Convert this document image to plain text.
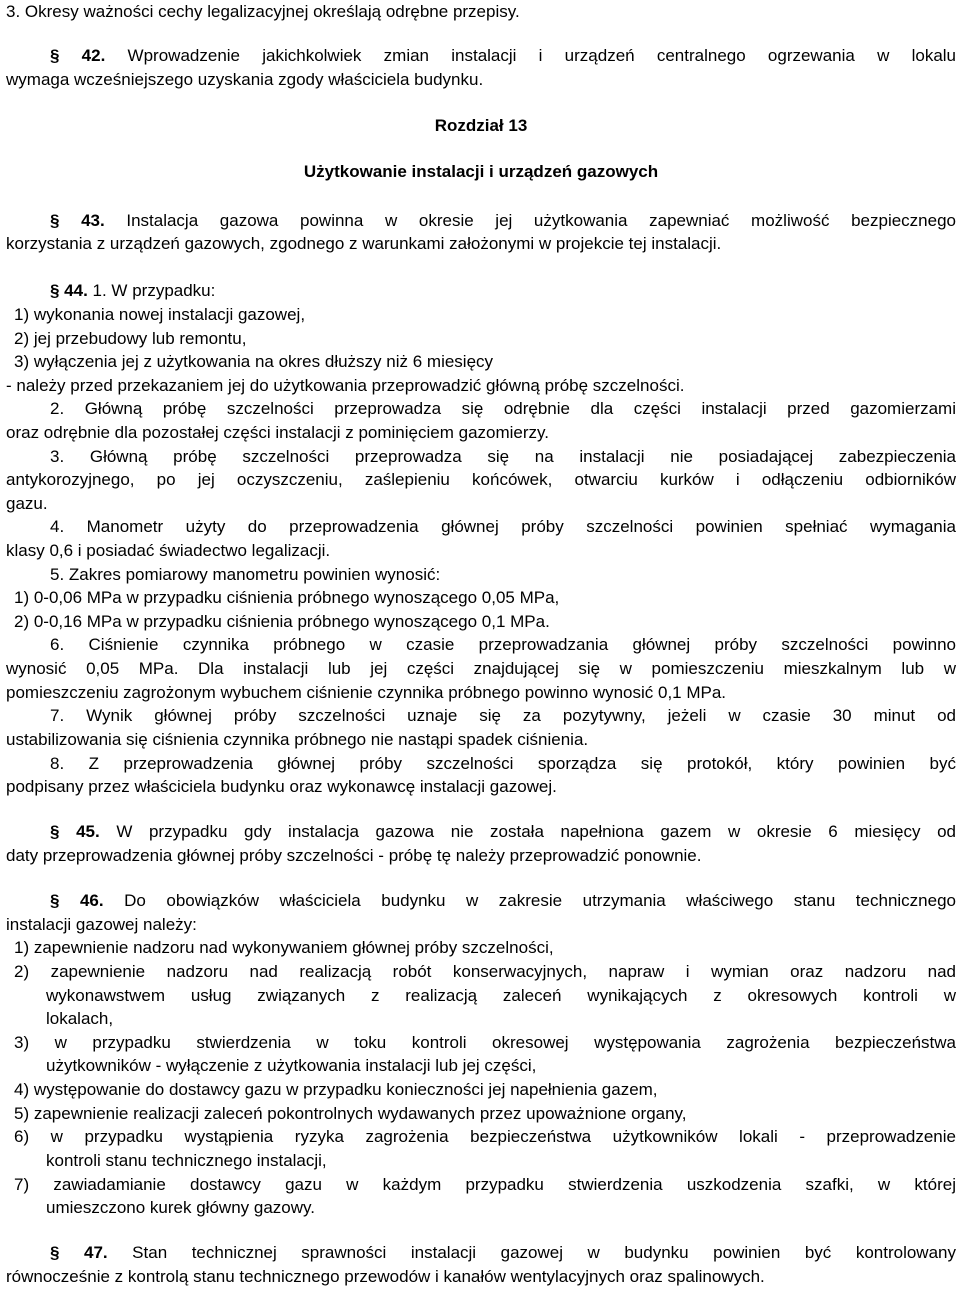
3. Okresy ważności cechy legalizacyjnej określają odrębne przepisy.
§ 42. Wprowadzenie jakichkolwiek zmian instalacji i urządzeń centralnego ogrzewania w lokalu
wymaga wcześniejszego uzyskania zgody właściciela budynku.
Rozdział 13
Użytkowanie instalacji i urządzeń gazowych
§ 43. Instalacja gazowa powinna w okresie jej użytkowania zapewniać możliwość bezpiecznego
korzystania z urządzeń gazowych, zgodnego z warunkami założonymi w projekcie tej instalacji.
§ 44. 1. W przypadku:
1) wykonania nowej instalacji gazowej,
2) jej przebudowy lub remontu,
3) wyłączenia jej z użytkowania na okres dłuższy niż 6 miesięcy
- należy przed przekazaniem jej do użytkowania przeprowadzić główną próbę szczelności.
2. Główną próbę szczelności przeprowadza się odrębnie dla części instalacji przed gazomierzami
oraz odrębnie dla pozostałej części instalacji z pominięciem gazomierzy.
3. Główną próbę szczelności przeprowadza się na instalacji nie posiadającej zabezpieczenia
antykorozyjnego, po jej oczyszczeniu, zaślepieniu końcówek, otwarciu kurków i odłączeniu odbiorników
gazu.
4. Manometr użyty do przeprowadzenia głównej próby szczelności powinien spełniać wymagania
klasy 0,6 i posiadać świadectwo legalizacji.
5. Zakres pomiarowy manometru powinien wynosić:
1) 0-0,06 MPa w przypadku ciśnienia próbnego wynoszącego 0,05 MPa,
2) 0-0,16 MPa w przypadku ciśnienia próbnego wynoszącego 0,1 MPa.
6. Ciśnienie czynnika próbnego w czasie przeprowadzania głównej próby szczelności powinno
wynosić 0,05 MPa. Dla instalacji lub jej części znajdującej się w pomieszczeniu mieszkalnym lub w
pomieszczeniu zagrożonym wybuchem ciśnienie czynnika próbnego powinno wynosić 0,1 MPa.
7. Wynik głównej próby szczelności uznaje się za pozytywny, jeżeli w czasie 30 minut od
ustabilizowania się ciśnienia czynnika próbnego nie nastąpi spadek ciśnienia.
8. Z przeprowadzenia głównej próby szczelności sporządza się protokół, który powinien być
podpisany przez właściciela budynku oraz wykonawcę instalacji gazowej.
§ 45. W przypadku gdy instalacja gazowa nie została napełniona gazem w okresie 6 miesięcy od
daty przeprowadzenia głównej próby szczelności - próbę tę należy przeprowadzić ponownie.
§ 46. Do obowiązków właściciela budynku w zakresie utrzymania właściwego stanu technicznego
instalacji gazowej należy:
1) zapewnienie nadzoru nad wykonywaniem głównej próby szczelności,
2) zapewnienie nadzoru nad realizacją robót konserwacyjnych, napraw i wymian oraz nadzoru nad
wykonawstwem usług związanych z realizacją zaleceń wynikających z okresowych kontroli w
lokalach,
3) w przypadku stwierdzenia w toku kontroli okresowej występowania zagrożenia bezpieczeństwa
użytkowników - wyłączenie z użytkowania instalacji lub jej części,
4) występowanie do dostawcy gazu w przypadku konieczności jej napełnienia gazem,
5) zapewnienie realizacji zaleceń pokontrolnych wydawanych przez upoważnione organy,
6) w przypadku wystąpienia ryzyka zagrożenia bezpieczeństwa użytkowników lokali - przeprowadzenie
kontroli stanu technicznego instalacji,
7) zawiadamianie dostawcy gazu w każdym przypadku stwierdzenia uszkodzenia szafki, w której
umieszczono kurek główny gazowy.
§ 47. Stan technicznej sprawności instalacji gazowej w budynku powinien być kontrolowany
równocześnie z kontrolą stanu technicznego przewodów i kanałów wentylacyjnych oraz spalinowych.
